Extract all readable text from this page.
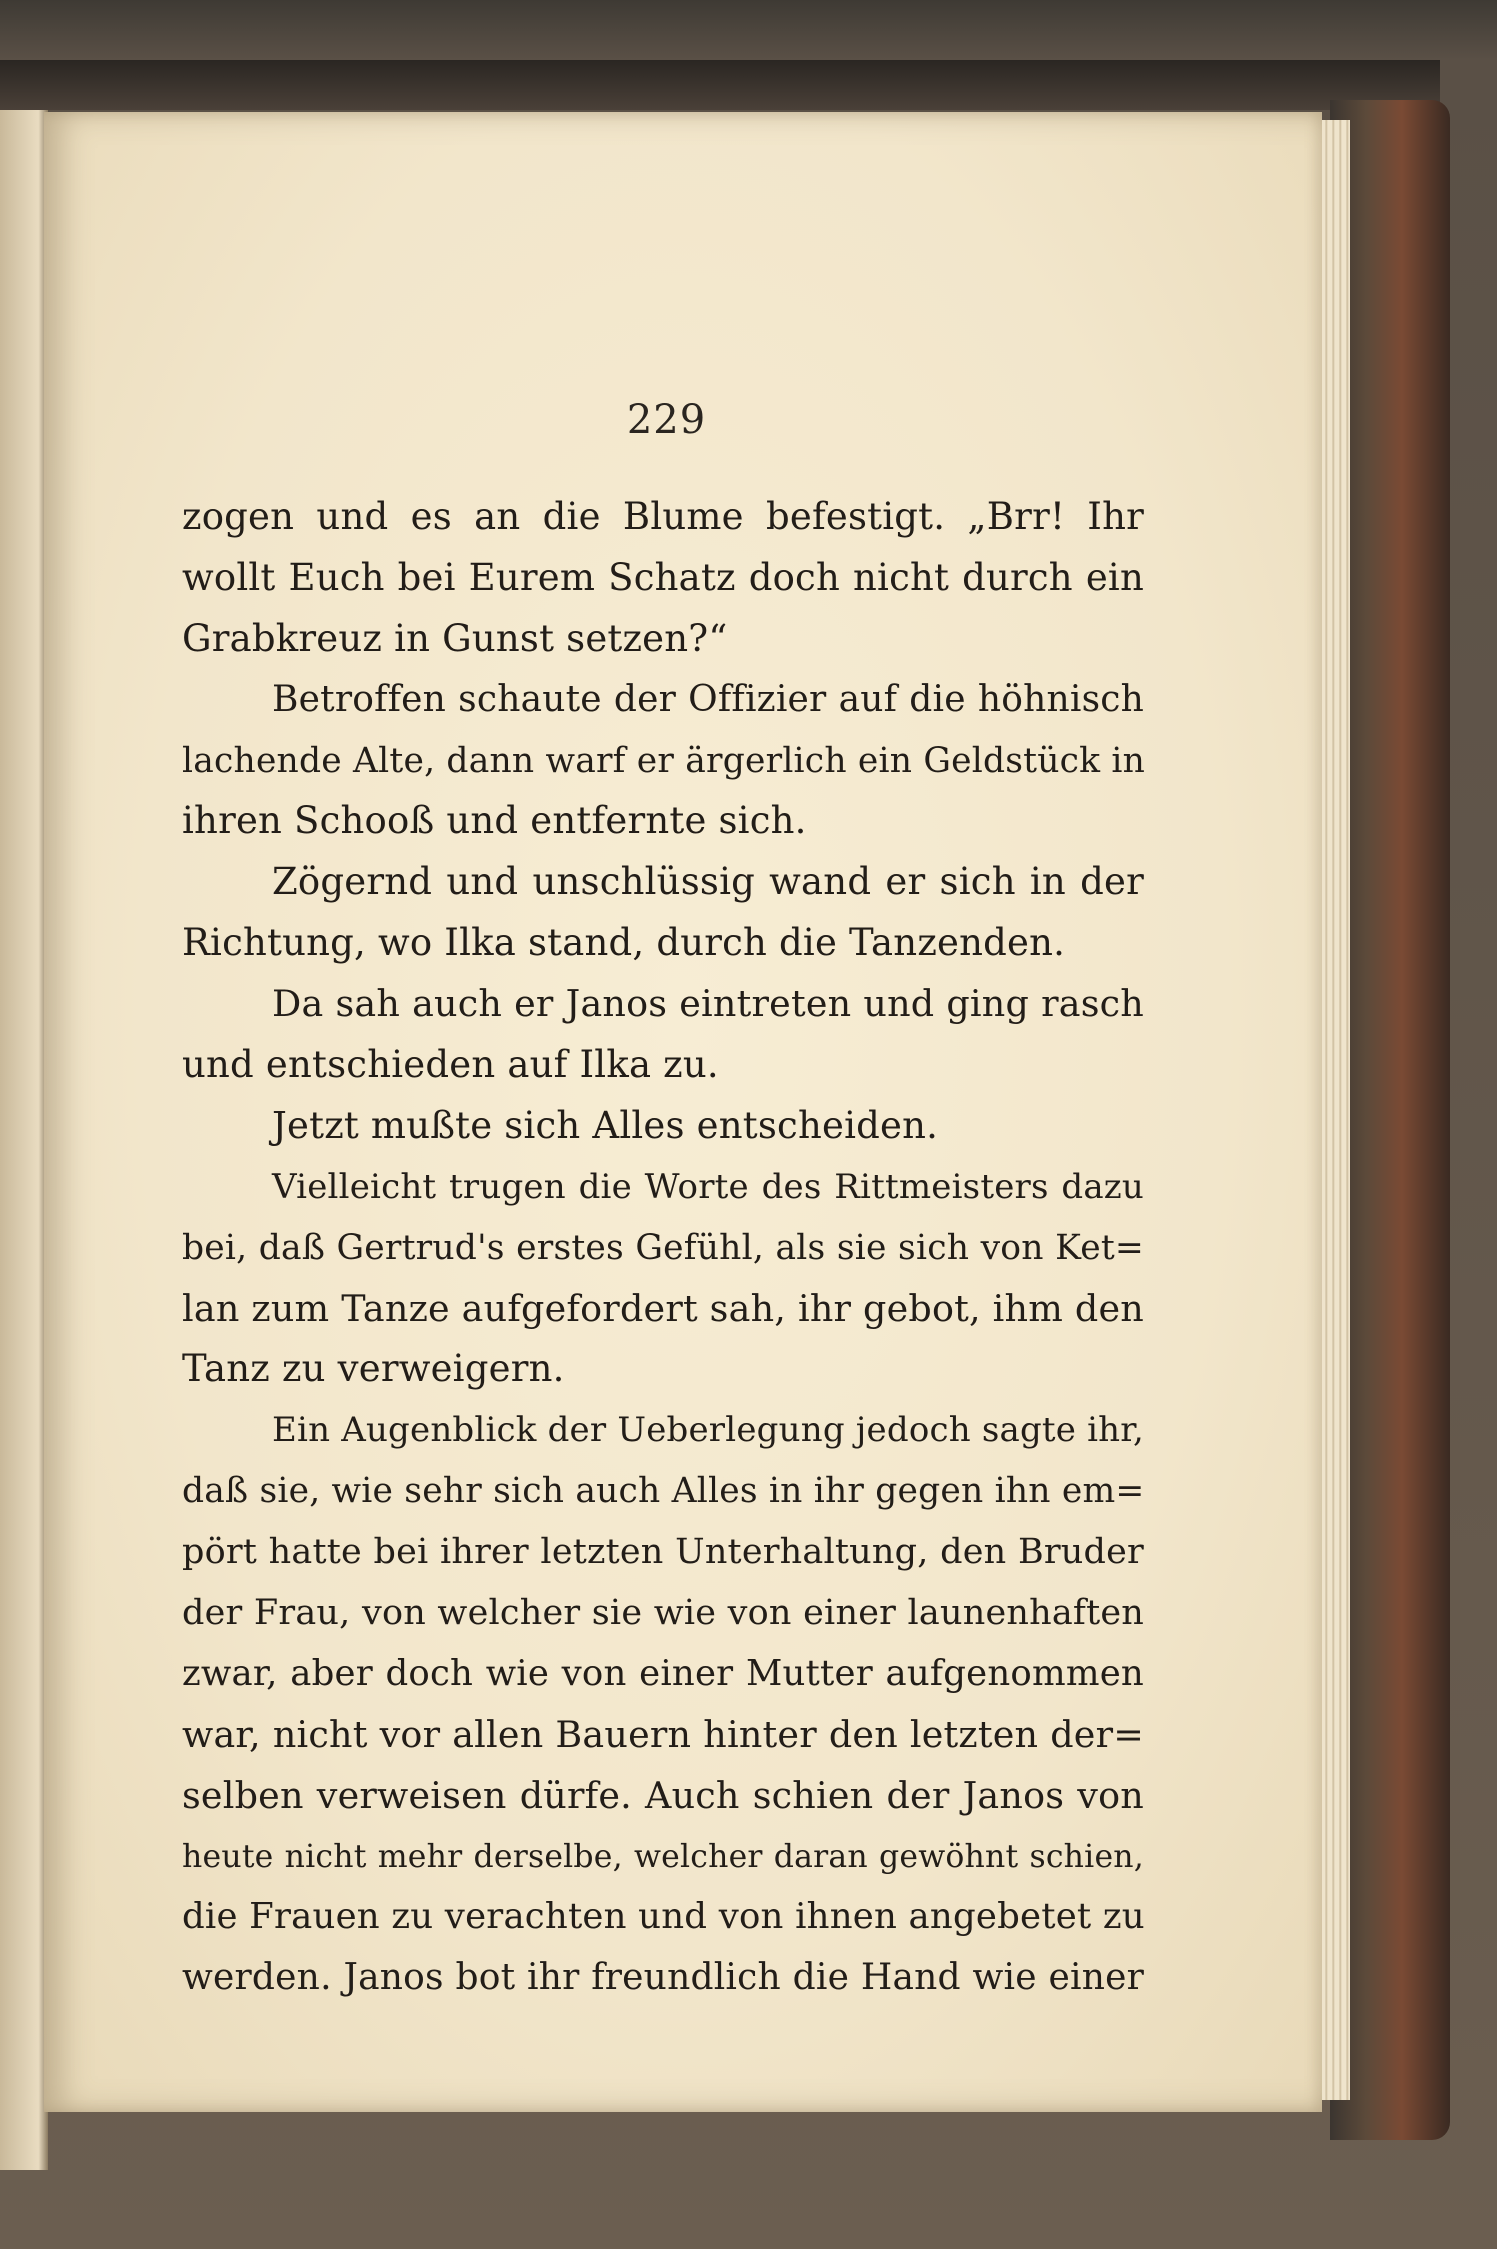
229
zogen und es an die Blume befestigt. „Brr! Ihr
wollt Euch bei Eurem Schatz doch nicht durch ein
Grabkreuz in Gunst setzen?“
Betroffen schaute der Offizier auf die höhnisch
lachende Alte, dann warf er ärgerlich ein Geldstück in
ihren Schooß und entfernte sich.
Zögernd und unschlüssig wand er sich in der
Richtung, wo Ilka stand, durch die Tanzenden.
Da sah auch er Janos eintreten und ging rasch
und entschieden auf Ilka zu.
Jetzt mußte sich Alles entscheiden.
Vielleicht trugen die Worte des Rittmeisters dazu
bei, daß Gertrud's erstes Gefühl, als sie sich von Ket=
lan zum Tanze aufgefordert sah, ihr gebot, ihm den
Tanz zu verweigern.
Ein Augenblick der Ueberlegung jedoch sagte ihr,
daß sie, wie sehr sich auch Alles in ihr gegen ihn em=
pört hatte bei ihrer letzten Unterhaltung, den Bruder
der Frau, von welcher sie wie von einer launenhaften
zwar, aber doch wie von einer Mutter aufgenommen
war, nicht vor allen Bauern hinter den letzten der=
selben verweisen dürfe. Auch schien der Janos von
heute nicht mehr derselbe, welcher daran gewöhnt schien,
die Frauen zu verachten und von ihnen angebetet zu
werden. Janos bot ihr freundlich die Hand wie einer
